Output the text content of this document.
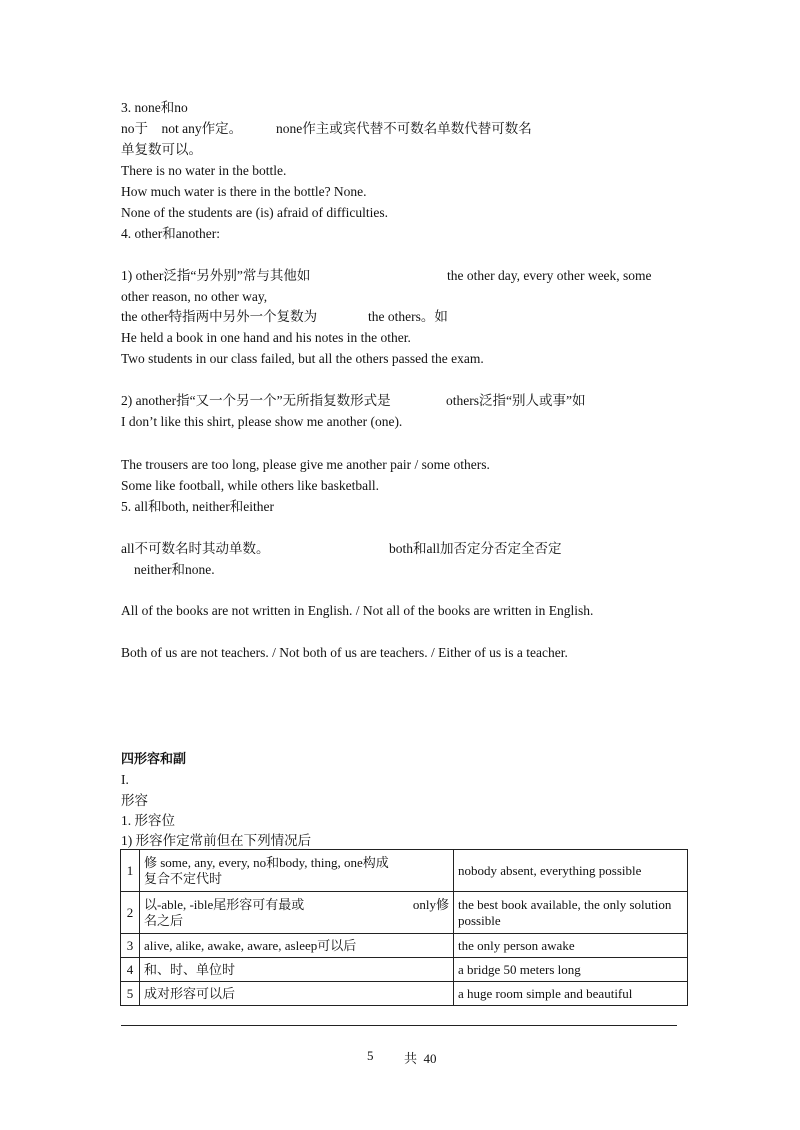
3. none和no
no于    not any作定。	none作主或宾代替不可数名单数代替可数名
单复数可以。
There is no water in the bottle.
How much water is there in the bottle? None.
None of the students are (is) afraid of difficulties.
4. other和another:
1) other泛指“另外别”常与其他如	the other day, every other week, some
other reason, no other way,
the other特指两中另外一个复数为	the others。如
He held a book in one hand and his notes in the other.
Two students in our class failed, but all the others passed the exam.
2) another指“又一个另一个”无所指复数形式是	others泛指“别人或事”如
I don’t like this shirt, please show me another (one).
The trousers are too long, please give me another pair / some others.
Some like football, while others like basketball.
5. all和both, neither和either
all不可数名时其动单数。	both和all加否定分否定全否定
neither和none.
All of the books are not written in English. / Not all of the books are written in English.
Both of us are not teachers. / Not both of us are teachers. / Either of us is a teacher.
四形容和副
I.
形容
1. 形容位
1) 形容作定常前但在下列情况后
1	修 some, any, every, no和body, thing, one构成
复合不定代时	nobody absent, everything possible
2	以-able, -ible尾形容可有最或 only修
名之后	the best book available, the only solution possible
3	alive, alike, awake, aware, asleep可以后	the only person awake
4	和、时、单位时	a bridge 50 meters long
5	成对形容可以后	a huge room simple and beautiful
5 共  40
